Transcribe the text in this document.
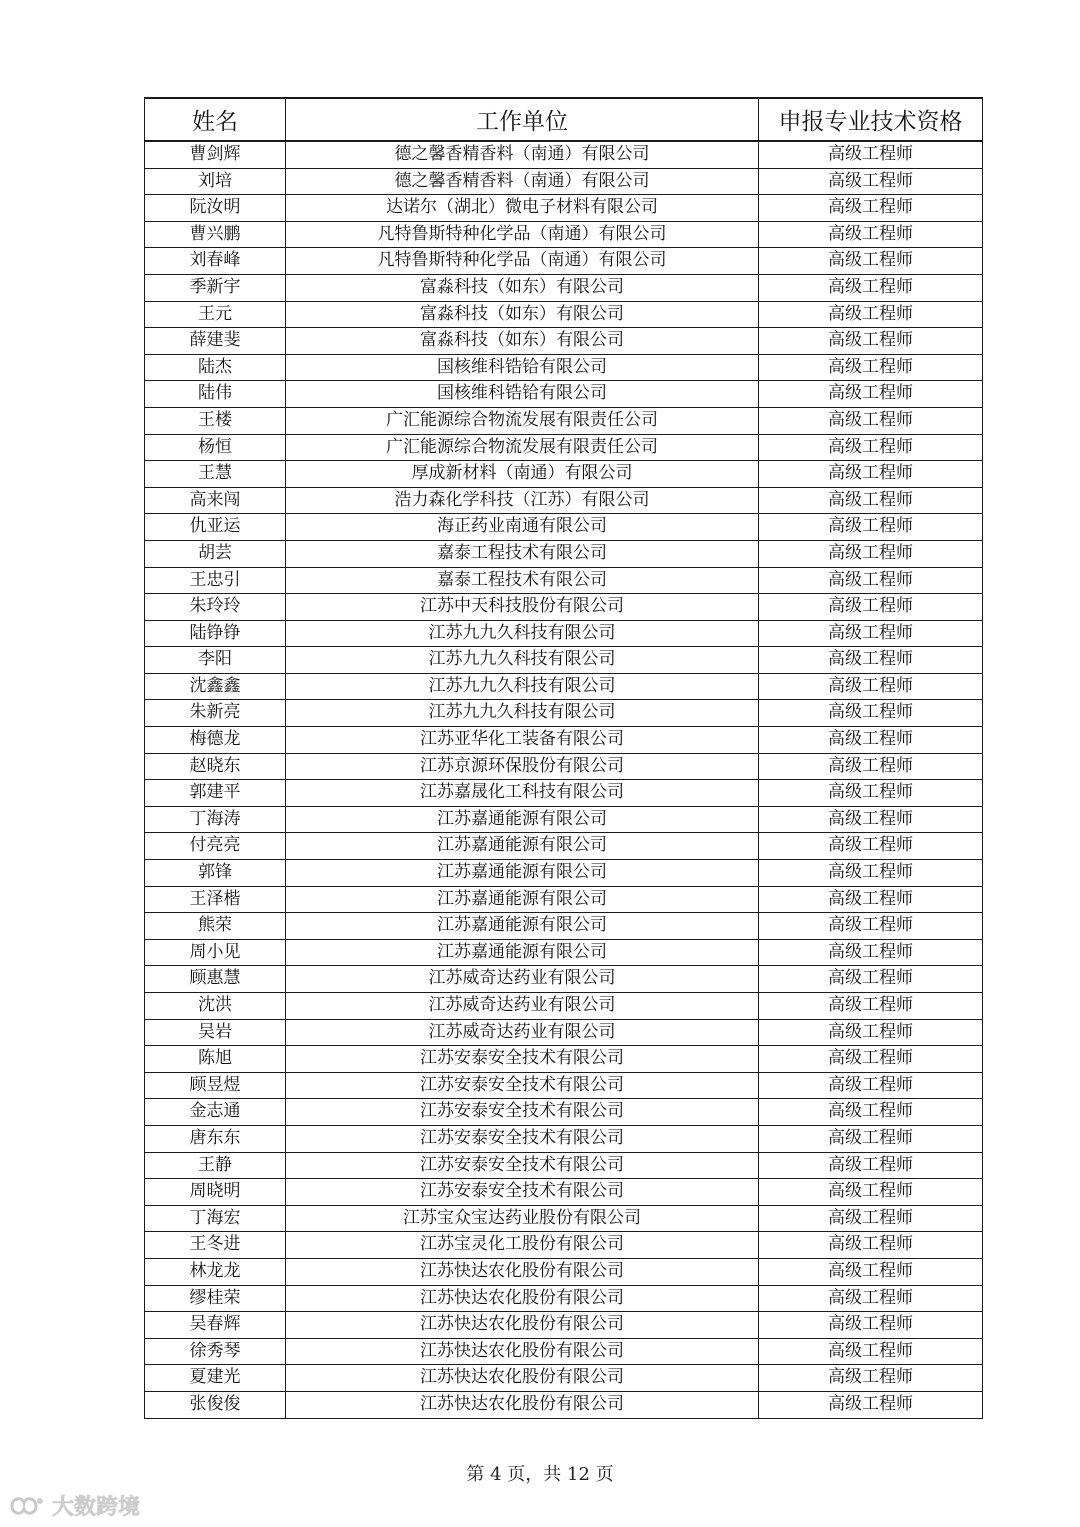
姓名	工作单位	申报专业技术资格
曹剑辉	德之馨香精香料（南通）有限公司	高级工程师
刘培	德之馨香精香料（南通）有限公司	高级工程师
阮汝明	达诺尔（湖北）微电子材料有限公司	高级工程师
曹兴鹏	凡特鲁斯特种化学品（南通）有限公司	高级工程师
刘春峰	凡特鲁斯特种化学品（南通）有限公司	高级工程师
季新宇	富淼科技（如东）有限公司	高级工程师
王元	富淼科技（如东）有限公司	高级工程师
薛建斐	富淼科技（如东）有限公司	高级工程师
陆杰	国核维科锆铪有限公司	高级工程师
陆伟	国核维科锆铪有限公司	高级工程师
王楼	广汇能源综合物流发展有限责任公司	高级工程师
杨恒	广汇能源综合物流发展有限责任公司	高级工程师
王慧	厚成新材料（南通）有限公司	高级工程师
高来闯	浩力森化学科技（江苏）有限公司	高级工程师
仇亚运	海正药业南通有限公司	高级工程师
胡芸	嘉泰工程技术有限公司	高级工程师
王忠引	嘉泰工程技术有限公司	高级工程师
朱玲玲	江苏中天科技股份有限公司	高级工程师
陆铮铮	江苏九九久科技有限公司	高级工程师
李阳	江苏九九久科技有限公司	高级工程师
沈鑫鑫	江苏九九久科技有限公司	高级工程师
朱新亮	江苏九九久科技有限公司	高级工程师
梅德龙	江苏亚华化工装备有限公司	高级工程师
赵晓东	江苏京源环保股份有限公司	高级工程师
郭建平	江苏嘉晟化工科技有限公司	高级工程师
丁海涛	江苏嘉通能源有限公司	高级工程师
付亮亮	江苏嘉通能源有限公司	高级工程师
郭锋	江苏嘉通能源有限公司	高级工程师
王泽楷	江苏嘉通能源有限公司	高级工程师
熊荣	江苏嘉通能源有限公司	高级工程师
周小见	江苏嘉通能源有限公司	高级工程师
顾惠慧	江苏威奇达药业有限公司	高级工程师
沈洪	江苏威奇达药业有限公司	高级工程师
吴岩	江苏威奇达药业有限公司	高级工程师
陈旭	江苏安泰安全技术有限公司	高级工程师
顾昱煜	江苏安泰安全技术有限公司	高级工程师
金志通	江苏安泰安全技术有限公司	高级工程师
唐东东	江苏安泰安全技术有限公司	高级工程师
王静	江苏安泰安全技术有限公司	高级工程师
周晓明	江苏安泰安全技术有限公司	高级工程师
丁海宏	江苏宝众宝达药业股份有限公司	高级工程师
王冬进	江苏宝灵化工股份有限公司	高级工程师
林龙龙	江苏快达农化股份有限公司	高级工程师
缪桂荣	江苏快达农化股份有限公司	高级工程师
吴春辉	江苏快达农化股份有限公司	高级工程师
徐秀琴	江苏快达农化股份有限公司	高级工程师
夏建光	江苏快达农化股份有限公司	高级工程师
张俊俊	江苏快达农化股份有限公司	高级工程师
第 4 页，共 12 页
大数跨境
